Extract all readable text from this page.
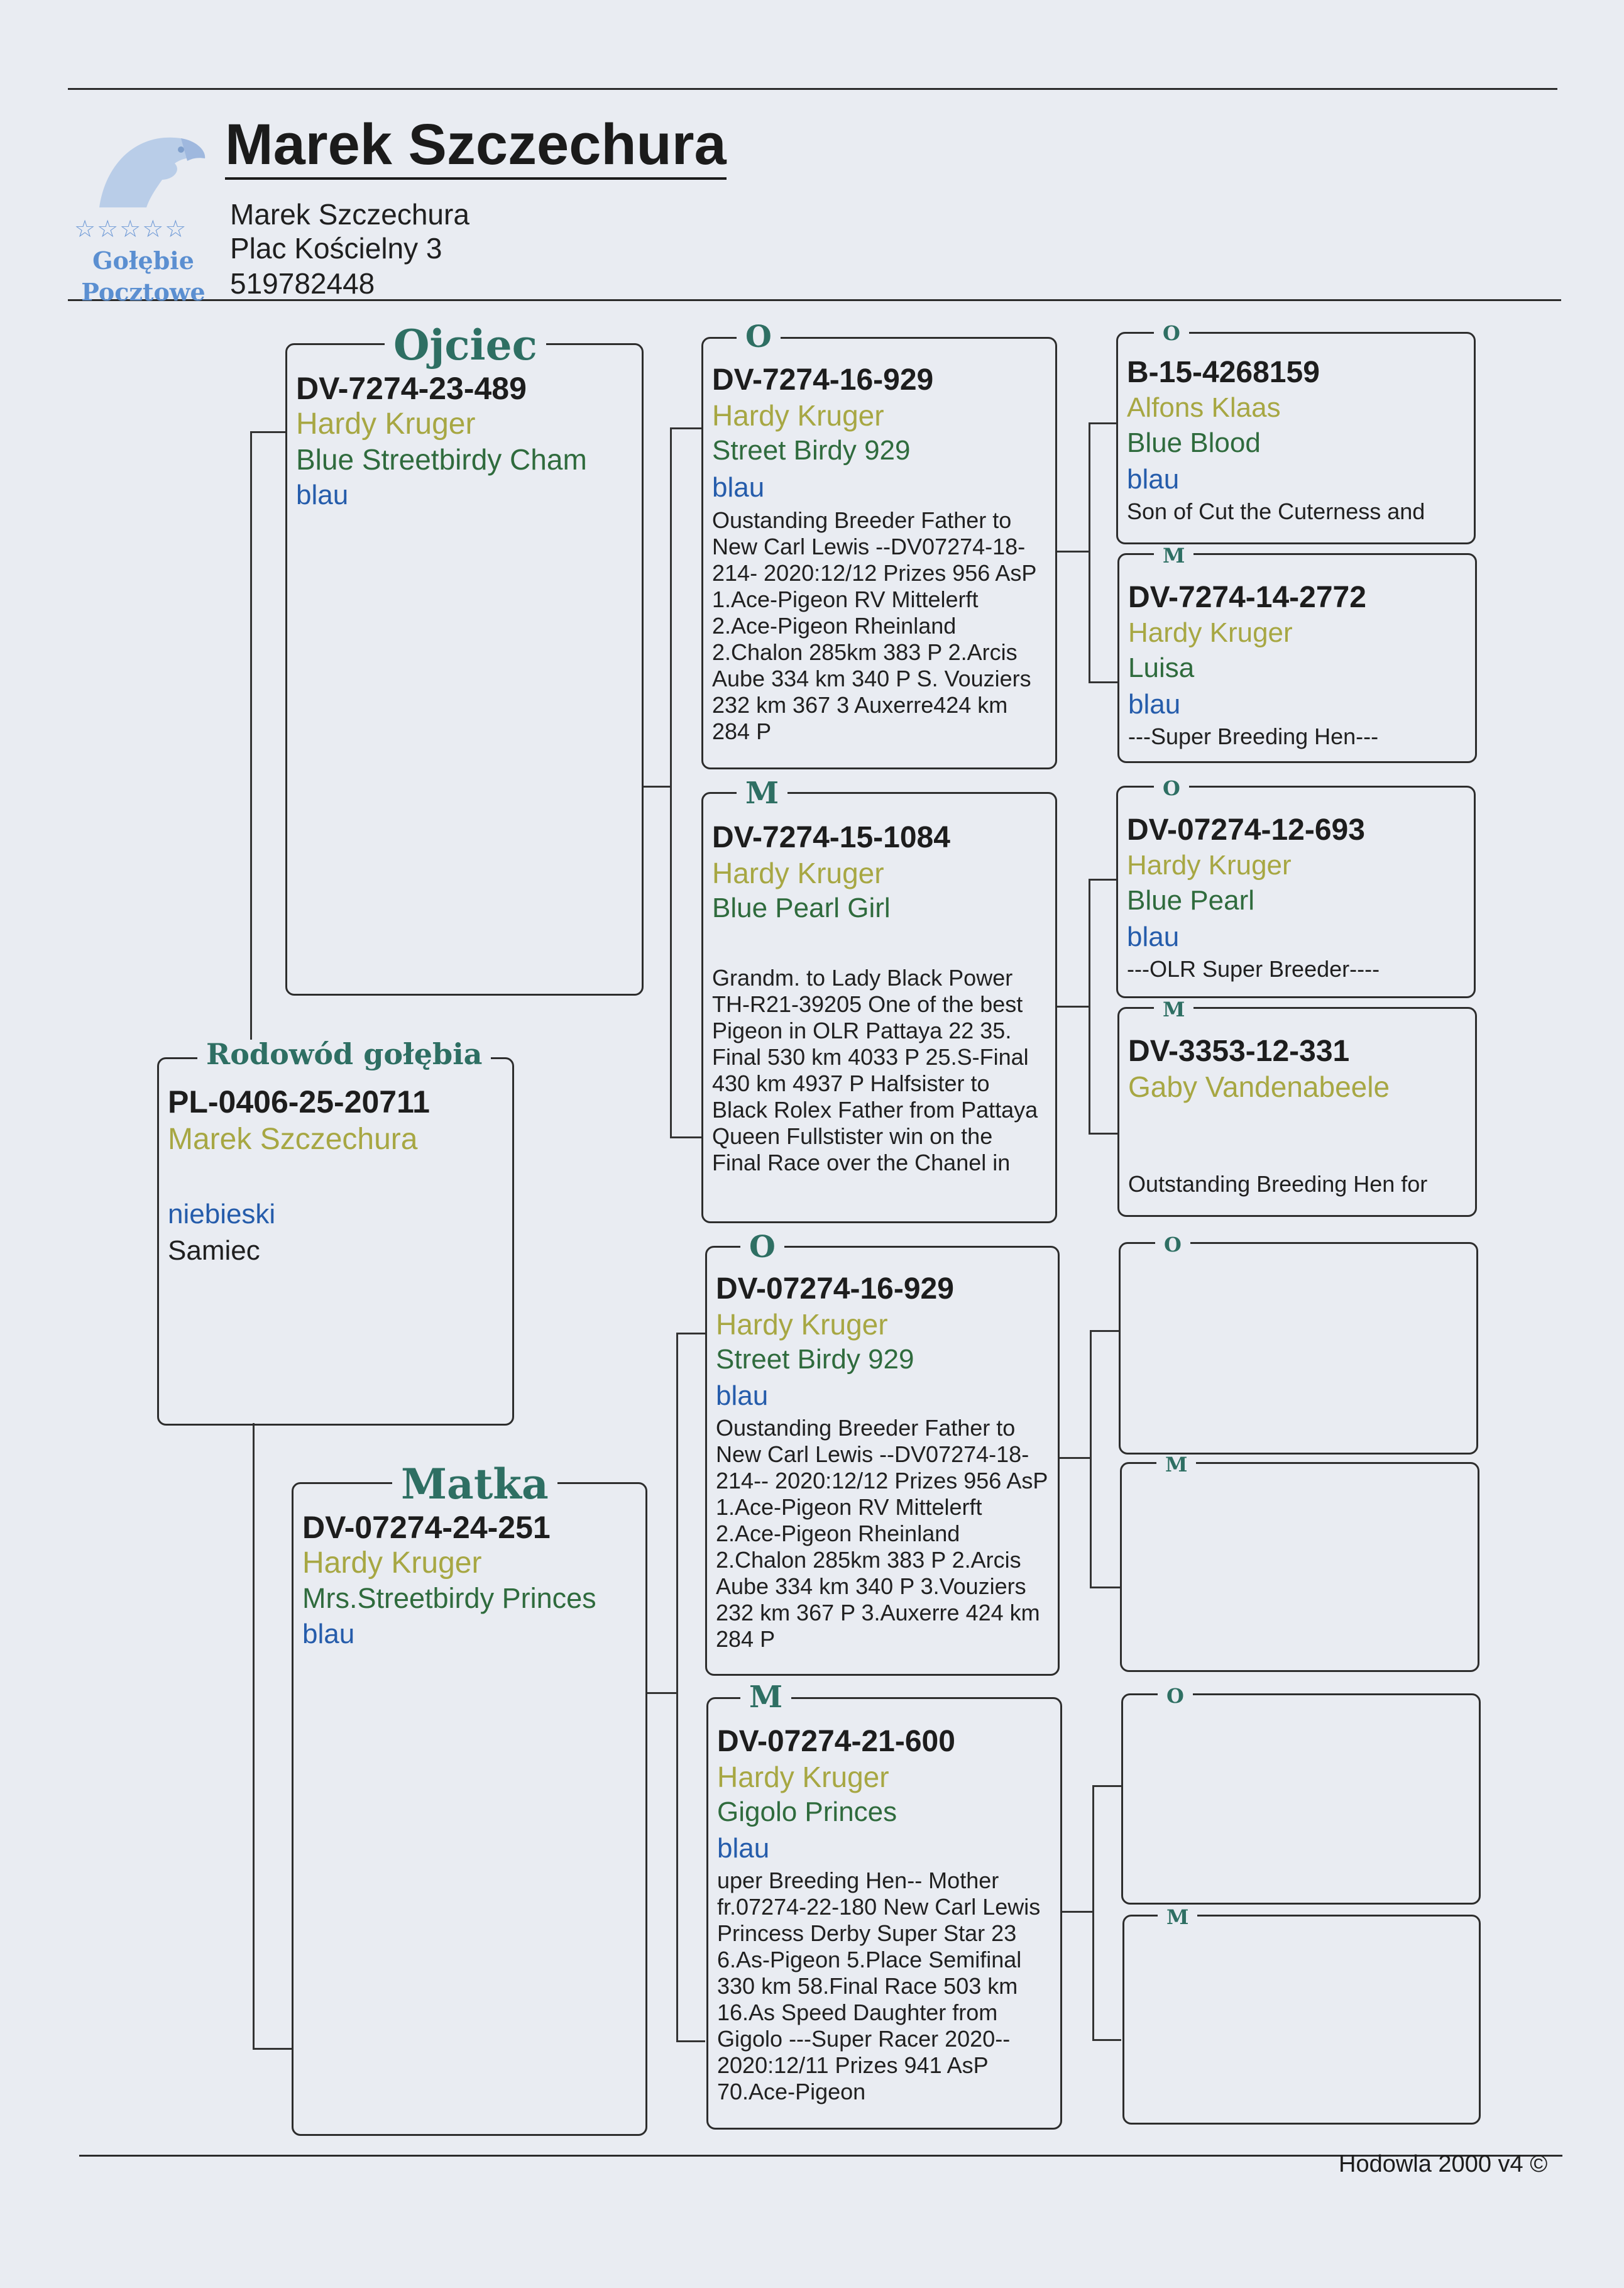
☆☆☆☆☆
Gołębie
Pocztowe
Marek Szczechura
Marek Szczechura
Plac Kościelny 3
519782448
PL-0406-25-20711
Marek Szczechura
niebieski
Samiec
Rodowód gołębia
DV-7274-23-489
Hardy Kruger
Blue Streetbirdy Cham
blau
Ojciec
DV-07274-24-251
Hardy Kruger
Mrs.Streetbirdy Princes
blau
Matka
DV-7274-16-929
Hardy Kruger
Street Birdy 929
blau
Oustanding Breeder Father to New Carl Lewis --DV07274-18-214- 2020:12/12 Prizes 956 AsP 1.Ace-Pigeon RV Mittelerft 2.Ace-Pigeon Rheinland 2.Chalon 285km 383 P 2.Arcis Aube 334 km 340 P S. Vouziers 232 km 367 3 Auxerre424 km 284 P
O
DV-7274-15-1084
Hardy Kruger
Blue Pearl Girl
Grandm. to Lady Black Power TH-R21-39205 One of the best Pigeon in OLR Pattaya 22 35. Final 530 km 4033 P 25.S-Final 430 km 4937 P Halfsister to Black Rolex Father from Pattaya Queen Fullstister win on the Final Race over the Chanel in
M
DV-07274-16-929
Hardy Kruger
Street Birdy 929
blau
Oustanding Breeder Father to New Carl Lewis --DV07274-18-214-- 2020:12/12 Prizes 956 AsP 1.Ace-Pigeon RV Mittelerft 2.Ace-Pigeon Rheinland 2.Chalon 285km 383 P 2.Arcis Aube 334 km 340 P 3.Vouziers 232 km 367 P 3.Auxerre 424 km 284 P
O
DV-07274-21-600
Hardy Kruger
Gigolo Princes
blau
uper Breeding Hen-- Mother fr.07274-22-180 New Carl Lewis Princess Derby Super Star 23 6.As-Pigeon 5.Place Semifinal 330 km 58.Final Race 503 km 16.As Speed Daughter from Gigolo ---Super Racer 2020-- 2020:12/11 Prizes 941 AsP 70.Ace-Pigeon
M
B-15-4268159
Alfons Klaas
Blue Blood
blau
Son of Cut the Cuterness and
O
DV-7274-14-2772
Hardy Kruger
Luisa
blau
---Super Breeding Hen---
M
DV-07274-12-693
Hardy Kruger
Blue Pearl
blau
---OLR Super Breeder----
O
DV-3353-12-331
Gaby Vandenabeele
Outstanding Breeding Hen for
M
O
M
O
M
Hodowla 2000 v4 ©
